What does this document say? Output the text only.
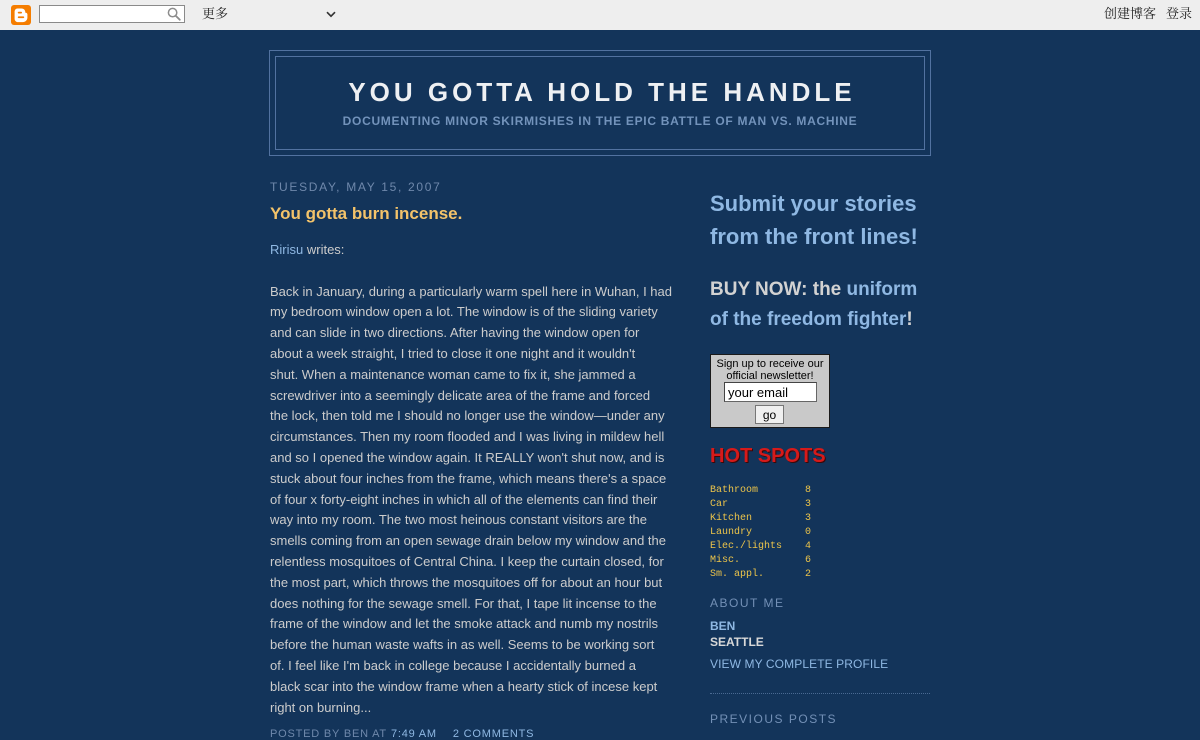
更多	创建博客 登录
YOU GOTTA HOLD THE HANDLE
DOCUMENTING MINOR SKIRMISHES IN THE EPIC BATTLE OF MAN VS. MACHINE
TUESDAY, MAY 15, 2007
You gotta burn incense.
Ririsu writes:
Back in January, during a particularly warm spell here in Wuhan, I had
my bedroom window open a lot. The window is of the sliding variety
and can slide in two directions. After having the window open for
about a week straight, I tried to close it one night and it wouldn't
shut. When a maintenance woman came to fix it, she jammed a
screwdriver into a seemingly delicate area of the frame and forced
the lock, then told me I should no longer use the window—under any
circumstances. Then my room flooded and I was living in mildew hell
and so I opened the window again. It REALLY won't shut now, and is
stuck about four inches from the frame, which means there's a space
of four x forty-eight inches in which all of the elements can find their
way into my room. The two most heinous constant visitors are the
smells coming from an open sewage drain below my window and the
relentless mosquitoes of Central China. I keep the curtain closed, for
the most part, which throws the mosquitoes off for about an hour but
does nothing for the sewage smell. For that, I tape lit incense to the
frame of the window and let the smoke attack and numb my nostrils
before the human waste wafts in as well. Seems to be working sort
of. I feel like I'm back in college because I accidentally burned a
black scar into the window frame when a hearty stick of incese kept
right on burning...
POSTED BY BEN AT 7:49 AM 2 COMMENTS
Submit your stories from the front lines!
BUY NOW: the uniform of the freedom fighter!
Sign up to receive our official newsletter!
your email
go
HOT SPOTS
Bathroom	8
Car	3
Kitchen	3
Laundry	0
Elec./lights 4
Misc.	6
Sm. appl.	2
ABOUT ME
BEN
SEATTLE
VIEW MY COMPLETE PROFILE
PREVIOUS POSTS
